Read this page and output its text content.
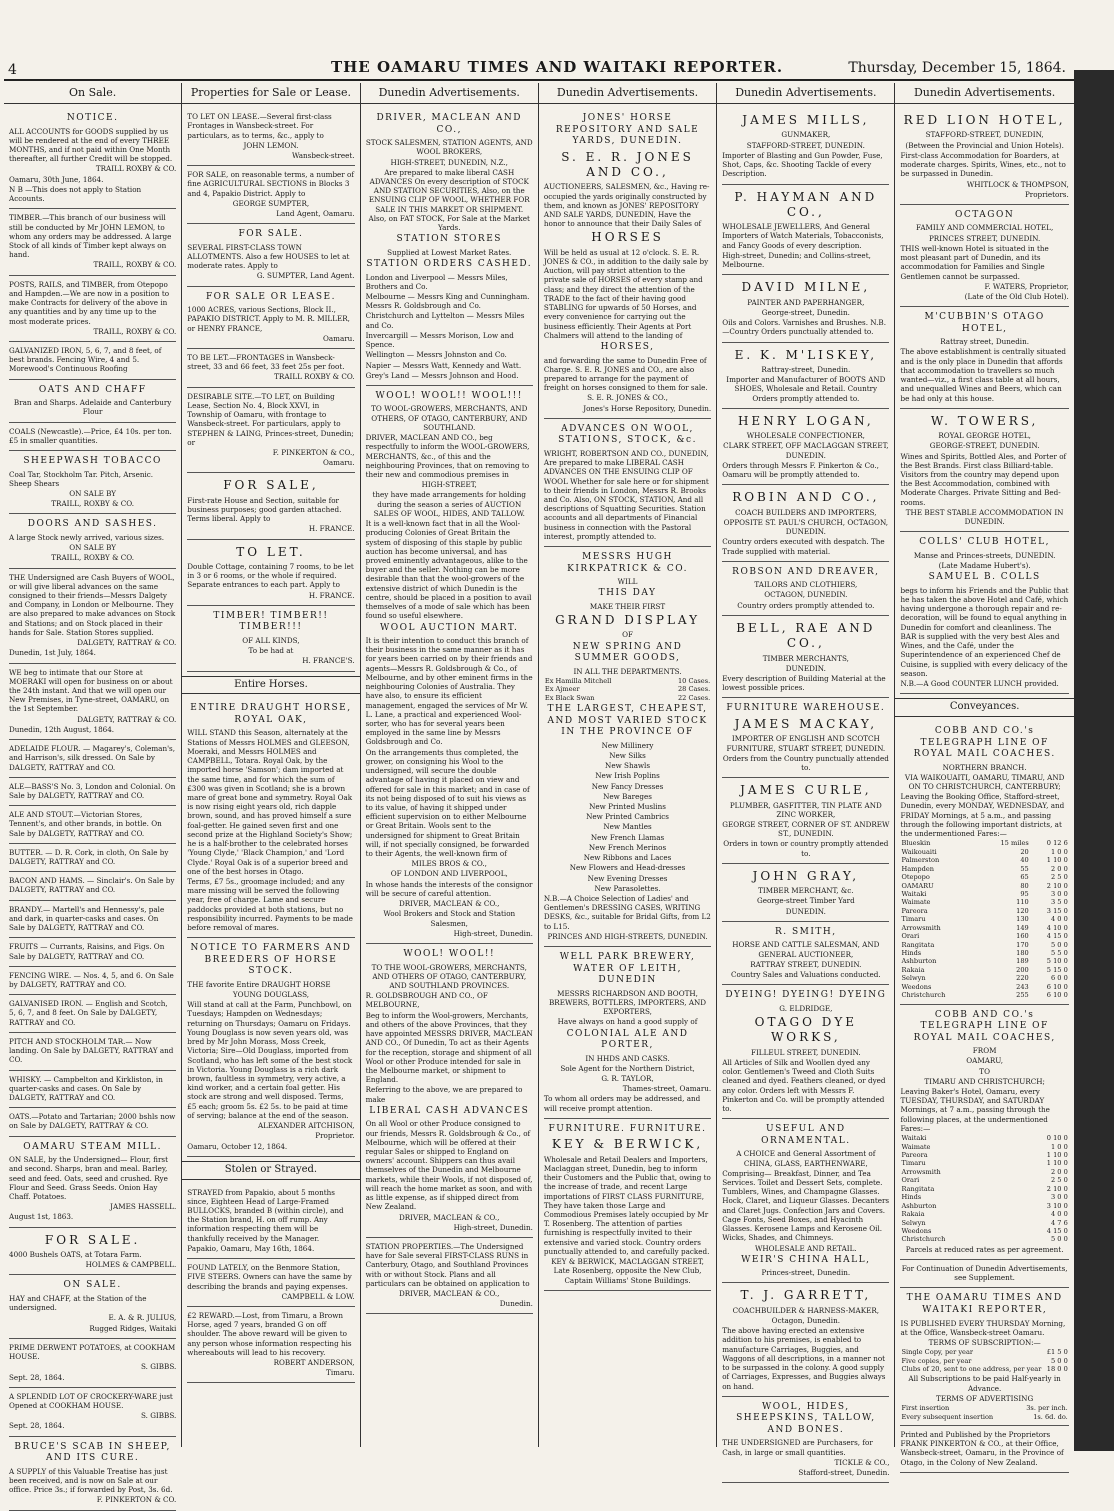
4	THE OAMARU TIMES AND WAITAKI REPORTER.	Thursday, December 15, 1864.
On Sale.
NOTICE.

ALL ACCOUNTS for GOODS supplied by us will be rendered at the end of every THREE MONTHS, and if not paid within One Month thereafter, all further Credit will be stopped.

TRAILL ROXBY & CO.

Oamaru, 30th June, 1864.

N B —This does not apply to Station Accounts.

TIMBER.—This branch of our business will still be conducted by Mr JOHN LEMON, to whom any orders may be addressed. A large Stock of all kinds of Timber kept always on hand.

TRAILL, ROXBY & CO.

POSTS, RAILS, and TIMBER, from Otepopo and Hampden.—We are now in a position to make Contracts for delivery of the above in any quantities and by any time up to the most moderate prices.

TRAILL, ROXBY & CO.

GALVANIZED IRON, 5, 6, 7, and 8 feet, of best brands. Fencing Wire, 4 and 5. Morewood's Continuous Roofing

OATS AND CHAFF

Bran and Sharps. Adelaide and Canterbury Flour

COALS (Newcastle).—Price, £4 10s. per ton. £5 in smaller quantities.

SHEEPWASH TOBACCO

Coal Tar, Stockholm Tar. Pitch, Arsenic. Sheep Shears

ON SALE BY

TRAILL, ROXBY & CO.

DOORS AND SASHES.

A large Stock newly arrived, various sizes.

ON SALE BY

TRAILL, ROXBY & CO.

THE Undersigned are Cash Buyers of WOOL, or will give liberal advances on the same consigned to their friends—Messrs Dalgety and Company, in London or Melbourne. They are also prepared to make advances on Stock and Stations; and on Stock placed in their hands for Sale. Station Stores supplied.

DALGETY, RATTRAY & CO.

Dunedin, 1st July, 1864.

WE beg to intimate that our Store at MOERAKI will open for business on or about the 24th instant. And that we will open our New Premises, in Tyne-street, OAMARU, on the 1st September.

DALGETY, RATTRAY & CO.

Dunedin, 12th August, 1864.

ADELAIDE FLOUR. — Magarey's, Coleman's, and Harrison's, silk dressed. On Sale by DALGETY, RATTRAY and CO.

ALE—BASS'S No. 3, London and Colonial. On Sale by DALGETY, RATTRAY and CO.

ALE AND STOUT.—Victorian Stores, Tennent's, and other brands, in bottle. On Sale by DALGETY, RATTRAY and CO.

BUTTER. — D. R. Cork, in cloth, On Sale by DALGETY, RATTRAY and CO.

BACON AND HAMS. — Sinclair's. On Sale by DALGETY, RATTRAY and CO.

BRANDY.— Martell's and Hennessy's, pale and dark, in quarter-casks and cases. On Sale by DALGETY, RATTRAY and CO.

FRUITS — Currants, Raisins, and Figs. On Sale by DALGETY, RATTRAY and CO.

FENCING WIRE. — Nos. 4, 5, and 6. On Sale by DALGETY, RATTRAY and CO.

GALVANISED IRON. — English and Scotch, 5, 6, 7, and 8 feet. On Sale by DALGETY, RATTRAY and CO.

PITCH AND STOCKHOLM TAR.— Now landing. On Sale by DALGETY, RATTRAY and CO.

WHISKY. — Campbelton and Kirkliston, in quarter-casks and cases. On Sale by DALGETY, RATTRAY and CO.

OATS.—Potato and Tartarian; 2000 bshls now on Sale by DALGETY, RATTRAY & CO.

OAMARU STEAM MILL.

ON SALE, by the Undersigned— Flour, first and second. Sharps, bran and meal. Barley, seed and feed. Oats, seed and crushed. Rye Flour and Seed. Grass Seeds. Onion Hay Chaff. Potatoes.

JAMES HASSELL.

August 1st, 1863.

FOR SALE.

4000 Bushels OATS, at Totara Farm.

HOLMES & CAMPBELL.

ON SALE.

HAY and CHAFF, at the Station of the undersigned.

E. A. & R. JULIUS,

Rugged Ridges, Waitaki

PRIME DERWENT POTATOES, at COOKHAM HOUSE.

S. GIBBS.

Sept. 28, 1864.

A SPLENDID LOT OF CROCKERY-WARE just Opened at COOKHAM HOUSE.

S. GIBBS.

Sept. 28, 1864.

BRUCE'S SCAB IN SHEEP, AND ITS CURE.

A SUPPLY of this Valuable Treatise has just been received, and is now on Sale at our office. Price 3s.; if forwarded by Post, 3s. 6d.

F. PINKERTON & CO.

Properties for Sale or Lease.

TO LET ON LEASE.—Several first-class Frontages in Wansbeck-street. For particulars, as to terms, &c., apply to

JOHN LEMON.

Wansbeck-street.

FOR SALE, on reasonable terms, a number of fine AGRICULTURAL SECTIONS in Blocks 3 and 4, Papakio District. Apply to

GEORGE SUMPTER,

Land Agent, Oamaru.

FOR SALE.

SEVERAL FIRST-CLASS TOWN ALLOTMENTS. Also a few HOUSES to let at moderate rates. Apply to

G. SUMPTER, Land Agent.

FOR SALE OR LEASE.

1000 ACRES, various Sections, Block II., PAPAKIO DISTRICT. Apply to M. R. MILLER, or HENRY FRANCE,

Oamaru.

TO BE LET.—FRONTAGES in Wansbeck-street, 33 and 66 feet, 33 feet 25s per foot.

TRAILL ROXBY & CO.

DESIRABLE SITE.—TO LET, on Building Lease, Section No. 4, Block XXVI, in Township of Oamaru, with frontage to Wansbeck-street. For particulars, apply to STEPHEN & LAING, Princes-street, Dunedin; or

F. PINKERTON & CO.,

Oamaru.

FOR SALE,

First-rate House and Section, suitable for business purposes; good garden attached. Terms liberal. Apply to

H. FRANCE.

TO LET.

Double Cottage, containing 7 rooms, to be let in 3 or 6 rooms, or the whole if required. Separate entrances to each part. Apply to

H. FRANCE.

TIMBER! TIMBER!! TIMBER!!!

OF ALL KINDS,

To be had at

H. FRANCE'S.

Entire Horses.
ENTIRE DRAUGHT HORSE, ROYAL OAK,

WILL STAND this Season, alternately at the Stations of Messrs HOLMES and GLEESON, Moeraki, and Messrs HOLMES and CAMPBELL, Totara. Royal Oak, by the imported horse 'Samson'; dam imported at the same time, and for which the sum of £300 was given in Scotland; she is a brown mare of great bone and symmetry. Royal Oak is now rising eight years old, rich dapple brown, sound, and has proved himself a sure foal-getter. He gained seven first and one second prize at the Highland Society's Show; he is a half-brother to the celebrated horses 'Young Clyde,' 'Black Champion,' and 'Lord Clyde.' Royal Oak is of a superior breed and one of the best horses in Otago.

Terms, £7 5s., groomage included; and any mare missing will be served the following year, free of charge. Lame and secure paddocks provided at both stations, but no responsibility incurred. Payments to be made before removal of mares.

NOTICE TO FARMERS AND BREEDERS OF HORSE STOCK.

THE favorite Entire DRAUGHT HORSE

YOUNG DOUGLASS,

Will stand at call at the Farm, Punchbowl, on Tuesdays; Hampden on Wednesdays; returning on Thursdays; Oamaru on Fridays. Young Douglass is now seven years old, was bred by Mr John Morass, Moss Creek, Victoria; Sire—Old Douglass, imported from Scotland, who has left some of the best stock in Victoria. Young Douglass is a rich dark brown, faultless in symmetry, very active, a kind worker, and a certain foal getter. His stock are strong and well disposed. Terms, £5 each; groom 5s. £2 5s. to be paid at time of serving; balance at the end of the season.

ALEXANDER AITCHISON,

Proprietor.

Oamaru, October 12, 1864.

Stolen or Strayed.

STRAYED from Papakio, about 5 months since, Eighteen Head of Large-Framed BULLOCKS, branded B (within circle), and the Station brand, H. on off rump. Any information respecting them will be thankfully received by the Manager.

Papakio, Oamaru, May 16th, 1864.

FOUND LATELY, on the Benmore Station, FIVE STEERS. Owners can have the same by describing the brands and paying expenses.

CAMPBELL & LOW.

£2 REWARD.—Lost, from Timaru, a Brown Horse, aged 7 years, branded G on off shoulder. The above reward will be given to any person whose information respecting his whereabouts will lead to his recovery.

ROBERT ANDERSON,

Timaru.

Dunedin Advertisements.
DRIVER, MACLEAN AND CO.,

STOCK SALESMEN, STATION AGENTS, AND WOOL BROKERS,

HIGH-STREET, DUNEDIN, N.Z.,

Are prepared to make liberal CASH ADVANCES On every description of STOCK AND STATION SECURITIES, Also, on the ENSUING CLIP OF WOOL, WHETHER FOR SALE IN THIS MARKET OR SHIPMENT. Also, on FAT STOCK, For Sale at the Market Yards.

STATION STORES

Supplied at Lowest Market Rates.

STATION ORDERS CASHED.

London and Liverpool — Messrs Miles, Brothers and Co.

Melbourne — Messrs King and Cunningham. Messrs R. Goldsbrough and Co.

Christchurch and Lyttelton — Messrs Miles and Co.

Invercargill — Messrs Morison, Low and Spence.

Wellington — Messrs Johnston and Co.

Napier — Messrs Watt, Kennedy and Watt.

Grey's Land — Messrs Johnson and Hood.

WOOL! WOOL!! WOOL!!!

TO WOOL-GROWERS, MERCHANTS, AND OTHERS, OF OTAGO, CANTERBURY, AND SOUTHLAND.

DRIVER, MACLEAN AND CO., beg respectfully to inform the WOOL-GROWERS, MERCHANTS, &c., of this and the neighbouring Provinces, that on removing to their new and commodious premises in

HIGH-STREET,

they have made arrangements for holding during the season a series of AUCTION SALES OF WOOL, HIDES, AND TALLOW.

It is a well-known fact that in all the Wool-producing Colonies of Great Britain the system of disposing of this staple by public auction has become universal, and has proved eminently advantageous, alike to the buyer and the seller. Nothing can be more desirable than that the wool-growers of the extensive district of which Dunedin is the centre, should be placed in a position to avail themselves of a mode of sale which has been found so useful elsewhere.

WOOL AUCTION MART.

It is their intention to conduct this branch of their business in the same manner as it has for years been carried on by their friends and agents—Messrs R. Goldsbrough & Co., of Melbourne, and by other eminent firms in the neighbouring Colonies of Australia. They have also, to ensure its efficient management, engaged the services of Mr W. L. Lane, a practical and experienced Wool-sorter, who has for several years been employed in the same line by Messrs Goldsbrough and Co.

On the arrangements thus completed, the grower, on consigning his Wool to the undersigned, will secure the double advantage of having it placed on view and offered for sale in this market; and in case of its not being disposed of to suit his views as to its value, of having it shipped under efficient supervision on to either Melbourne or Great Britain. Wools sent to the undersigned for shipment to Great Britain will, if not specially consigned, be forwarded to their Agents, the well-known firm of

MILES BROS & CO.,

OF LONDON AND LIVERPOOL,

In whose hands the interests of the consignor will be secure of careful attention.

DRIVER, MACLEAN & CO.,

Wool Brokers and Stock and Station Salesmen,

High-street, Dunedin.

WOOL! WOOL!!

TO THE WOOL-GROWERS, MERCHANTS, AND OTHERS OF OTAGO, CANTERBURY, AND SOUTHLAND PROVINCES.

R. GOLDSBROUGH AND CO., OF MELBOURNE,

Beg to inform the Wool-growers, Merchants, and others of the above Provinces, that they have appointed MESSRS DRIVER, MACLEAN AND CO., Of Dunedin, To act as their Agents for the reception, storage and shipment of all Wool or other Produce intended for sale in the Melbourne market, or shipment to England.

Referring to the above, we are prepared to make

LIBERAL CASH ADVANCES

On all Wool or other Produce consigned to our friends, Messrs R. Goldsbrough & Co., of Melbourne, which will be offered at their regular Sales or shipped to England on owners' account. Shippers can thus avail themselves of the Dunedin and Melbourne markets, while their Wools, if not disposed of, will reach the home market as soon, and with as little expense, as if shipped direct from New Zealand.

DRIVER, MACLEAN & CO.,

High-street, Dunedin.

STATION PROPERTIES.—The Undersigned have for Sale several FIRST-CLASS RUNS in Canterbury, Otago, and Southland Provinces with or without Stock. Plans and all particulars can be obtained on application to

DRIVER, MACLEAN & CO.,

Dunedin.

Dunedin Advertisements.
JONES' HORSE REPOSITORY AND SALE YARDS, DUNEDIN.
S. E. R. JONES AND CO.,

AUCTIONEERS, SALESMEN, &c., Having re-occupied the yards originally constructed by them, and known as JONES' REPOSITORY AND SALE YARDS, DUNEDIN, Have the honor to announce that their Daily Sales of

HORSES

Will be held as usual at 12 o'clock. S. E. R. JONES & CO., in addition to the daily sale by Auction, will pay strict attention to the private sale of HORSES of every stamp and class; and they direct the attention of the TRADE to the fact of their having good STABLING for upwards of 50 Horses, and every convenience for carrying out the business efficiently. Their Agents at Port Chalmers will attend to the landing of

HORSES,

and forwarding the same to Dunedin Free of Charge. S. E. R. JONES and CO., are also prepared to arrange for the payment of freight on horses consigned to them for sale.

S. E. R. JONES & CO.,

Jones's Horse Repository, Dunedin.

ADVANCES ON WOOL, STATIONS, STOCK, &c.

WRIGHT, ROBERTSON AND CO., DUNEDIN, Are prepared to make LIBERAL CASH ADVANCES ON THE ENSUING CLIP OF WOOL Whether for sale here or for shipment to their friends in London, Messrs R. Brooks and Co. Also, ON STOCK, STATION, And all descriptions of Squatting Securities. Station accounts and all departments of Financial business in connection with the Pastoral interest, promptly attended to.

MESSRS HUGH KIRKPATRICK & CO.

WILL

THIS DAY

MAKE THEIR FIRST

GRAND DISPLAY

OF

NEW SPRING AND SUMMER GOODS,

IN ALL THE DEPARTMENTS.

Ex Hamilla Mitchell	10 Cases.
Ex Ajmeer	28 Cases.
Ex Black Swan	22 Cases.
THE LARGEST, CHEAPEST, AND MOST VARIED STOCK IN THE PROVINCE OF

New Millinery

New Silks

New Shawls

New Irish Poplins

New Fancy Dresses

New Bareges

New Printed Muslins

New Printed Cambrics

New Mantles

New French Llamas

New French Merinos

New Ribbons and Laces

New Flowers and Head-dresses

New Evening Dresses

New Parasolettes.

N.B.—A Choice Selection of Ladies' and Gentlemen's DRESSING CASES, WRITING DESKS, &c., suitable for Bridal Gifts, from L2 to L15.

PRINCES AND HIGH-STREETS, DUNEDIN.

WELL PARK BREWERY, WATER OF LEITH, DUNEDIN

MESSRS RICHARDSON AND BOOTH, BREWERS, BOTTLERS, IMPORTERS, AND EXPORTERS,

Have always on hand a good supply of

COLONIAL ALE AND PORTER,

IN HHDS AND CASKS.

Sole Agent for the Northern District,

G. R. TAYLOR,

Thames-street, Oamaru.

To whom all orders may be addressed, and will receive prompt attention.

FURNITURE. FURNITURE.
KEY & BERWICK,

Wholesale and Retail Dealers and Importers, Maclaggan street, Dunedin, beg to inform their Customers and the Public that, owing to the increase of trade, and recent Large importations of FIRST CLASS FURNITURE, They have taken those Large and Commodious Premises lately occupied by Mr T. Rosenberg. The attention of parties furnishing is respectfully invited to their extensive and varied stock. Country orders punctually attended to, and carefully packed.

KEY & BERWICK, MACLAGGAN STREET, Late Rosenberg, opposite the New Club, Captain Williams' Stone Buildings.

Dunedin Advertisements.
JAMES MILLS,

GUNMAKER,

STAFFORD-STREET, DUNEDIN.

Importer of Blasting and Gun Powder, Fuse, Shot, Caps, &c. Shooting Tackle of every Description.

P. HAYMAN AND CO.,

WHOLESALE JEWELLERS, And General Importers of Watch Materials, Tobacconists, and Fancy Goods of every description.

High-street, Dunedin; and Collins-street, Melbourne.

DAVID MILNE,

PAINTER AND PAPERHANGER,

George-street, Dunedin.

Oils and Colors. Varnishes and Brushes. N.B.—Country Orders punctually attended to.

E. K. M'LISKEY,

Rattray-street, Dunedin.

Importer and Manufacturer of BOOTS AND SHOES, Wholesale and Retail. Country Orders promptly attended to.

HENRY LOGAN,

WHOLESALE CONFECTIONER,

CLARK STREET, OFF MACLAGGAN STREET, DUNEDIN.

Orders through Messrs F. Pinkerton & Co., Oamaru will be promptly attended to.

ROBIN AND CO.,

COACH BUILDERS AND IMPORTERS,

OPPOSITE ST. PAUL'S CHURCH, OCTAGON, DUNEDIN.

Country orders executed with despatch. The Trade supplied with material.

ROBSON AND DREAVER,

TAILORS AND CLOTHIERS,

OCTAGON, DUNEDIN.

Country orders promptly attended to.

BELL, RAE AND CO.,

TIMBER MERCHANTS,

DUNEDIN.

Every description of Building Material at the lowest possible prices.

FURNITURE WAREHOUSE.
JAMES MACKAY,

IMPORTER OF ENGLISH AND SCOTCH FURNITURE, STUART STREET, DUNEDIN.

Orders from the Country punctually attended to.

JAMES CURLE,

PLUMBER, GASFITTER, TIN PLATE AND ZINC WORKER,

GEORGE STREET, CORNER OF ST. ANDREW ST., DUNEDIN.

Orders in town or country promptly attended to.

JOHN GRAY,

TIMBER MERCHANT, &c.

George-street Timber Yard

DUNEDIN.

R. SMITH,

HORSE AND CATTLE SALESMAN, AND GENERAL AUCTIONEER,

RATTRAY STREET, DUNEDIN.

Country Sales and Valuations conducted.

DYEING! DYEING! DYEING

G. ELDRIDGE,

OTAGO DYE WORKS,

FILLEUL STREET, DUNEDIN.

All Articles of Silk and Woollen dyed any color. Gentlemen's Tweed and Cloth Suits cleaned and dyed. Feathers cleaned, or dyed any color. Orders left with Messrs F. Pinkerton and Co. will be promptly attended to.

USEFUL AND ORNAMENTAL.

A CHOICE and General Assortment of CHINA, GLASS, EARTHENWARE,

Comprising— Breakfast, Dinner, and Tea Services. Toilet and Dessert Sets, complete. Tumblers, Wines, and Champagne Glasses. Hock, Claret, and Liqueur Glasses. Decanters and Claret Jugs. Confection Jars and Covers. Cage Fonts, Seed Boxes, and Hyacinth Glasses. Kerosene Lamps and Kerosene Oil. Wicks, Shades, and Chimneys.

WHOLESALE AND RETAIL.

WEIR'S CHINA HALL,

Princes-street, Dunedin.

T. J. GARRETT,

COACHBUILDER & HARNESS-MAKER,

Octagon, Dunedin.

The above having erected an extensive addition to his premises, is enabled to manufacture Carriages, Buggies, and Waggons of all descriptions, in a manner not to be surpassed in the colony. A good supply of Carriages, Expresses, and Buggies always on hand.

WOOL, HIDES, SHEEPSKINS, TALLOW, AND BONES.

THE UNDERSIGNED are Purchasers, for Cash, in large or small quantities.

TICKLE & CO.,

Stafford-street, Dunedin.

Dunedin Advertisements.
RED LION HOTEL,

STAFFORD-STREET, DUNEDIN,

(Between the Provincial and Union Hotels).

First-class Accommodation for Boarders, at moderate charges. Spirits, Wines, etc., not to be surpassed in Dunedin.

WHITLOCK & THOMPSON,

Proprietors.

OCTAGON

FAMILY AND COMMERCIAL HOTEL,

PRINCES STREET, DUNEDIN.

THIS well-known Hotel is situated in the most pleasant part of Dunedin, and its accommodation for Families and Single Gentlemen cannot be surpassed.

F. WATERS, Proprietor,

(Late of the Old Club Hotel).

M'CUBBIN'S OTAGO HOTEL,

Rattray street, Dunedin.

The above establishment is centrally situated and is the only place in Dunedin that affords that accommodation to travellers so much wanted—viz., a first class table at all hours, and unequalled Wines and Beers, which can be had only at this house.

W. TOWERS,

ROYAL GEORGE HOTEL,

GEORGE-STREET, DUNEDIN.

Wines and Spirits, Bottled Ales, and Porter of the Best Brands. First class Billiard-table. Visitors from the country may depend upon the Best Accommodation, combined with Moderate Charges. Private Sitting and Bed-rooms.

THE BEST STABLE ACCOMMODATION IN DUNEDIN.

COLLS' CLUB HOTEL,

Manse and Princes-streets, DUNEDIN.

(Late Madame Hubert's).

SAMUEL B. COLLS

begs to inform his Friends and the Public that he has taken the above Hotel and Café, which having undergone a thorough repair and re-decoration, will be found to equal anything in Dunedin for comfort and cleanliness. The BAR is supplied with the very best Ales and Wines, and the Café, under the Superintendence of an experienced Chef de Cuisine, is supplied with every delicacy of the season.

N.B.—A Good COUNTER LUNCH provided.

Conveyances.
COBB AND CO.'s TELEGRAPH LINE OF ROYAL MAIL COACHES.

NORTHERN BRANCH.

VIA WAIKOUAITI, OAMARU, TIMARU, AND ON TO CHRISTCHURCH, CANTERBURY;

Leaving the Booking Office, Stafford-street, Dunedin, every MONDAY, WEDNESDAY, and FRIDAY Mornings, at 5 a.m., and passing through the following important districts, at the undermentioned Fares:—

Blueskin	15 miles	0 12 6
Waikouaiti	20	1 0 0
Palmerston	40	1 10 0
Hampden	55	2 0 0
Otepopo	65	2 5 0
OAMARU	80	2 10 0
Waitaki	95	3 0 0
Waimate	110	3 5 0
Pareora	120	3 15 0
Timaru	130	4 0 0
Arrowsmith	149	4 10 0
Orari	160	4 15 0
Rangitata	170	5 0 0
Hinds	180	5 5 0
Ashburton	189	5 10 0
Rakaia	200	5 15 0
Selwyn	220	6 0 0
Weedons	243	6 10 0
Christchurch	255	6 10 0
COBB AND CO.'s TELEGRAPH LINE OF ROYAL MAIL COACHES,

FROM

OAMARU,

TO

TIMARU AND CHRISTCHURCH;

Leaving Baker's Hotel, Oamaru, every TUESDAY, THURSDAY, and SATURDAY Mornings, at 7 a.m., passing through the following places, at the undermentioned Fares:—

Waitaki	0 10 0
Waimate	1 0 0
Pareora	1 10 0
Timaru	1 10 0
Arrowsmith	2 0 0
Orari	2 5 0
Rangitata	2 10 0
Hinds	3 0 0
Ashburton	3 10 0
Rakaia	4 0 0
Selwyn	4 7 6
Weedons	4 15 0
Christchurch	5 0 0

Parcels at reduced rates as per agreement.

For Continuation of Dunedin Advertisements, see Supplement.

THE OAMARU TIMES AND WAITAKI REPORTER,

IS PUBLISHED EVERY THURSDAY Morning, at the Office, Wansbeck-street Oamaru.

TERMS OF SUBSCRIPTION:—

Single Copy, per year	£1 5 0
Five copies, per year	5 0 0
Clubs of 20, sent to one address, per year	18 0 0

All Subscriptions to be paid Half-yearly in Advance.

TERMS OF ADVERTISING

First insertion	3s. per inch.
Every subsequent insertion	1s. 6d. do.

Printed and Published by the Proprietors FRANK PINKERTON & CO., at their Office, Wansbeck-street, Oamaru, in the Province of Otago, in the Colony of New Zealand.
